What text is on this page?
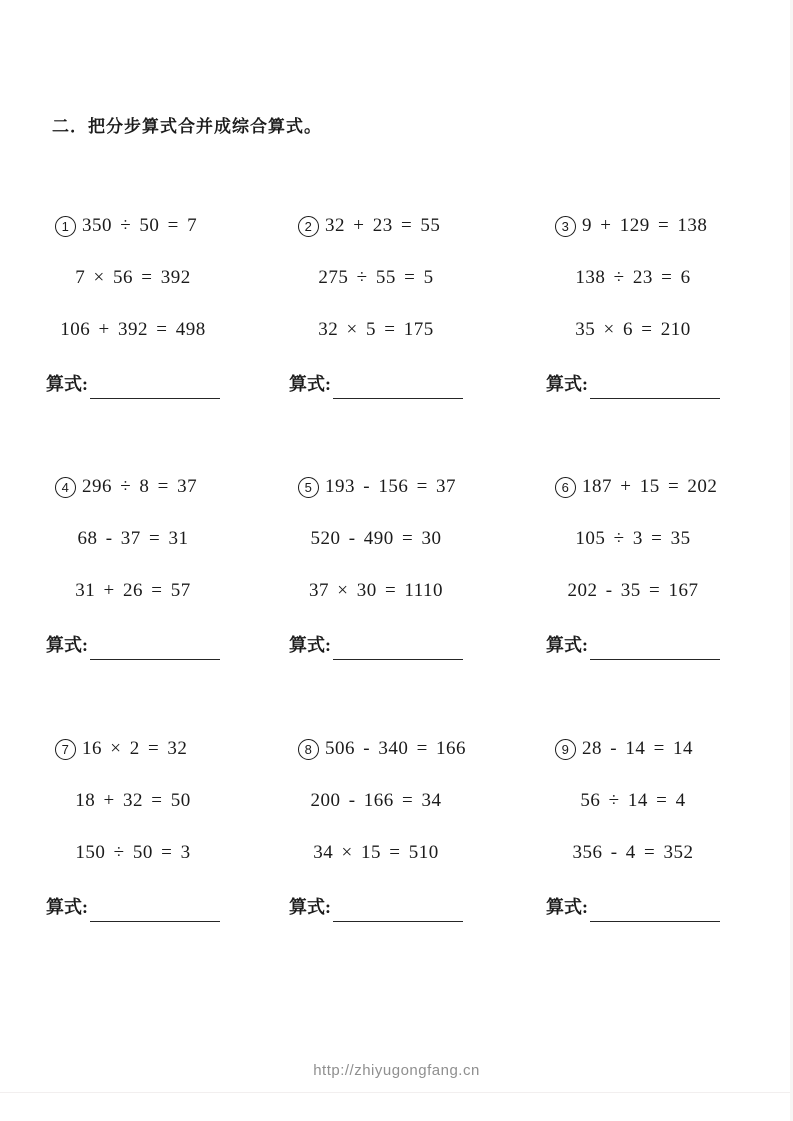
二．把分步算式合并成综合算式。
1 350 ÷ 50 = 7
7 × 56 = 392
106 + 392 = 498
算式:
2 32 + 23 = 55
275 ÷ 55 = 5
32 × 5 = 175
算式:
3 9 + 129 = 138
138 ÷ 23 = 6
35 × 6 = 210
算式:
4 296 ÷ 8 = 37
68 - 37 = 31
31 + 26 = 57
算式:
5 193 - 156 = 37
520 - 490 = 30
37 × 30 = 1110
算式:
6 187 + 15 = 202
105 ÷ 3 = 35
202 - 35 = 167
算式:
7 16 × 2 = 32
18 + 32 = 50
150 ÷ 50 = 3
算式:
8 506 - 340 = 166
200 - 166 = 34
34 × 15 = 510
算式:
9 28 - 14 = 14
56 ÷ 14 = 4
356 - 4 = 352
算式:
http://zhiyugongfang.cn
